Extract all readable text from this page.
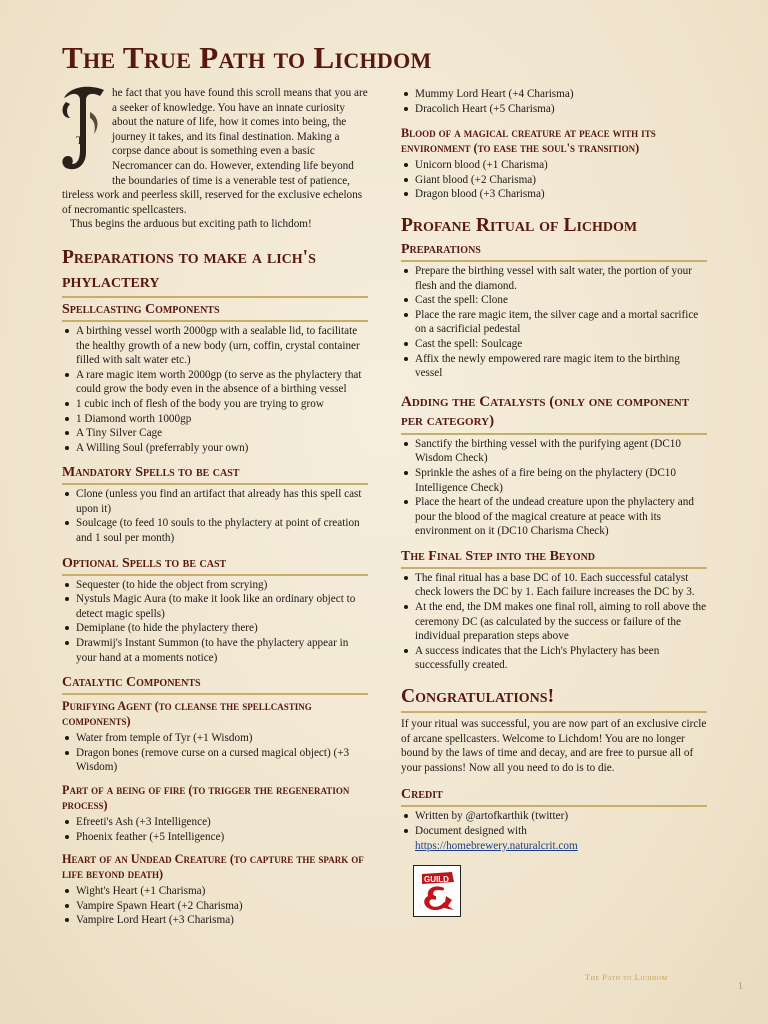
The True Path to Lichdom
T

he fact that you have found this scroll means that you are a seeker of knowledge. You have an innate curiosity about the nature of life, how it comes into being, the journey it takes, and its final destination. Making a corpse dance about is something even a basic Necromancer can do. However, extending life beyond the boundaries of time is a venerable test of patience, tireless work and peerless skill, reserved for the exclusive echelons of necromantic spellcasters.

Thus begins the arduous but exciting path to lichdom!

Preparations to make a lich's phylactery
Spellcasting Components
A birthing vessel worth 2000gp with a sealable lid, to facilitate the healthy growth of a new body (urn, coffin, crystal container filled with salt water etc.)
A rare magic item worth 2000gp (to serve as the phylactery that could grow the body even in the absence of a birthing vessel
1 cubic inch of flesh of the body you are trying to grow
1 Diamond worth 1000gp
A Tiny Silver Cage
A Willing Soul (preferrably your own)
Mandatory Spells to be cast
Clone (unless you find an artifact that already has this spell cast upon it)
Soulcage (to feed 10 souls to the phylactery at point of creation and 1 soul per month)
Optional Spells to be cast
Sequester (to hide the object from scrying)
Nystuls Magic Aura (to make it look like an ordinary object to detect magic spells)
Demiplane (to hide the phylactery there)
Drawmij's Instant Summon (to have the phylactery appear in your hand at a moments notice)
Catalytic Components
Purifying Agent (to cleanse the spellcasting components)
Water from temple of Tyr (+1 Wisdom)
Dragon bones (remove curse on a cursed magical object) (+3 Wisdom)
Part of a being of fire (to trigger the regeneration process)
Efreeti's Ash (+3 Intelligence)
Phoenix feather (+5 Intelligence)
Heart of an Undead Creature (to capture the spark of life beyond death)
Wight's Heart (+1 Charisma)
Vampire Spawn Heart (+2 Charisma)
Vampire Lord Heart (+3 Charisma)
Mummy Lord Heart (+4 Charisma)
Dracolich Heart (+5 Charisma)
Blood of a magical creature at peace with its environment (to ease the soul's transition)
Unicorn blood (+1 Charisma)
Giant blood (+2 Charisma)
Dragon blood (+3 Charisma)
Profane Ritual of Lichdom
Preparations
Prepare the birthing vessel with salt water, the portion of your flesh and the diamond.
Cast the spell: Clone
Place the rare magic item, the silver cage and a mortal sacrifice on a sacrificial pedestal
Cast the spell: Soulcage
Affix the newly empowered rare magic item to the birthing vessel
Adding the Catalysts (only one component per category)
Sanctify the birthing vessel with the purifying agent (DC10 Wisdom Check)
Sprinkle the ashes of a fire being on the phylactery (DC10 Intelligence Check)
Place the heart of the undead creature upon the phylactery and pour the blood of the magical creature at peace with its environment on it (DC10 Charisma Check)
The Final Step into the Beyond
The final ritual has a base DC of 10. Each successful catalyst check lowers the DC by 1. Each failure increases the DC by 3.
At the end, the DM makes one final roll, aiming to roll above the ceremony DC (as calculated by the success or failure of the individual preparation steps above
A success indicates that the Lich's Phylactery has been successfully created.
Congratulations!

If your ritual was successful, you are now part of an exclusive circle of arcane spellcasters. Welcome to Lichdom! You are no longer bound by the laws of time and decay, and are free to pursue all of your passions! Now all you need to do is to die.

Credit
Written by @artofkarthik (twitter)
Document designed with
https://homebrewery.naturalcrit.com
GUILD
The Path to Lichdom
1
